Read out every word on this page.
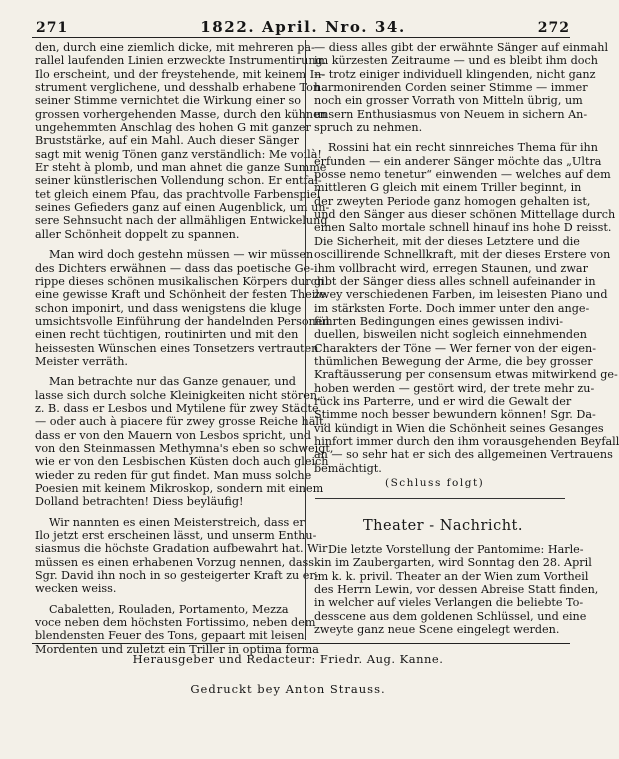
271	1822. April. Nro. 34.	272
den, durch eine ziemlich dicke, mit mehreren pa-
rallel laufenden Linien erzweckte Instrumentirung.
Ilo erscheint, und der freystehende, mit keinem In-
strument verglichene, und desshalb erhabene Ton
seiner Stimme vernichtet die Wirkung einer so
grossen vorhergehenden Masse, durch den kühnen
ungehemmten Anschlag des hohen G mit ganzer
Bruststärke, auf ein Mahl. Auch dieser Sänger
sagt mit wenig Tönen ganz verständlich: Me voilà!
Er steht à plomb, und man ahnet die ganze Summe
seiner künstlerischen Vollendung schon. Er entfal-
tet gleich einem Pfau, das prachtvolle Farbenspiel
seines Gefieders ganz auf einen Augenblick, um un-
sere Sehnsucht nach der allmähligen Entwickelung
aller Schönheit doppelt zu spannen.
Man wird doch gestehn müssen — wir müssen
des Dichters erwähnen — dass das poetische Ge-
rippe dieses schönen musikalischen Körpers durch
eine gewisse Kraft und Schönheit der festen Theile
schon imponirt, und dass wenigstens die kluge
umsichtsvolle Einführung der handelnden Personen
einen recht tüchtigen, routinirten und mit den
heissesten Wünschen eines Tonsetzers vertrauten
Meister verräth.
Man betrachte nur das Ganze genauer, und
lasse sich durch solche Kleinigkeiten nicht stören,
z. B. dass er Lesbos und Mytilene für zwey Städte
— oder auch à piacere für zwey grosse Reiche hält,
dass er von den Mauern von Lesbos spricht, und
von den Steinmassen Methymna's eben so schweigt,
wie er von den Lesbischen Küsten doch auch gleich
wieder zu reden für gut findet. Man muss solche
Poesien mit keinem Mikroskop, sondern mit einem
Dolland betrachten! Diess beyläufig!
Wir nannten es einen Meisterstreich, dass er
Ilo jetzt erst erscheinen lässt, und unserm Enthu-
siasmus die höchste Gradation aufbewahrt hat. Wir
müssen es einen erhabenen Vorzug nennen, dass
Sgr. David ihn noch in so gesteigerter Kraft zu er-
wecken weiss.
Cabaletten, Rouladen, Portamento, Mezza
voce neben dem höchsten Fortissimo, neben dem
blendensten Feuer des Tons, gepaart mit leisen
Mordenten und zuletzt ein Triller in optima forma
— diess alles gibt der erwähnte Sänger auf einmahl
im kürzesten Zeitraume — und es bleibt ihm doch
— trotz einiger individuell klingenden, nicht ganz
harmonirenden Corden seiner Stimme — immer
noch ein grosser Vorrath von Mitteln übrig, um
unsern Enthusiasmus von Neuem in sichern An-
spruch zu nehmen.
Rossini hat ein recht sinnreiches Thema für ihn
erfunden — ein anderer Sänger möchte das „Ultra
posse nemo tenetur“ einwenden — welches auf dem
mittleren G gleich mit einem Triller beginnt, in
der zweyten Periode ganz homogen gehalten ist,
und den Sänger aus dieser schönen Mittellage durch
einen Salto mortale schnell hinauf ins hohe D reisst.
Die Sicherheit, mit der dieses Letztere und die
oscillirende Schnellkraft, mit der dieses Erstere von
ihm vollbracht wird, erregen Staunen, und zwar
gibt der Sänger diess alles schnell aufeinander in
zwey verschiedenen Farben, im leisesten Piano und
im stärksten Forte. Doch immer unter den ange-
führten Bedingungen eines gewissen indivi-
duellen, bisweilen nicht sogleich einnehmenden
Charakters der Töne — Wer ferner von der eigen-
thümlichen Bewegung der Arme, die bey grosser
Kraftäusserung per consensum etwas mitwirkend ge-
hoben werden — gestört wird, der trete mehr zu-
rück ins Parterre, und er wird die Gewalt der
Stimme noch besser bewundern können! Sgr. Da-
vid kündigt in Wien die Schönheit seines Gesanges
hinfort immer durch den ihm vorausgehenden Beyfall
an — so sehr hat er sich des allgemeinen Vertrauens
bemächtigt.
(Schluss folgt)
Theater - Nachricht.
Die letzte Vorstellung der Pantomime: Harle-
kin im Zaubergarten, wird Sonntag den 28. April
im k. k. privil. Theater an der Wien zum Vortheil
des Herrn Lewin, vor dessen Abreise Statt finden,
in welcher auf vieles Verlangen die beliebte To-
desscene aus dem goldenen Schlüssel, und eine
zweyte ganz neue Scene eingelegt werden.
Herausgeber und Redacteur: Friedr. Aug. Kanne.
Gedruckt bey Anton Strauss.
